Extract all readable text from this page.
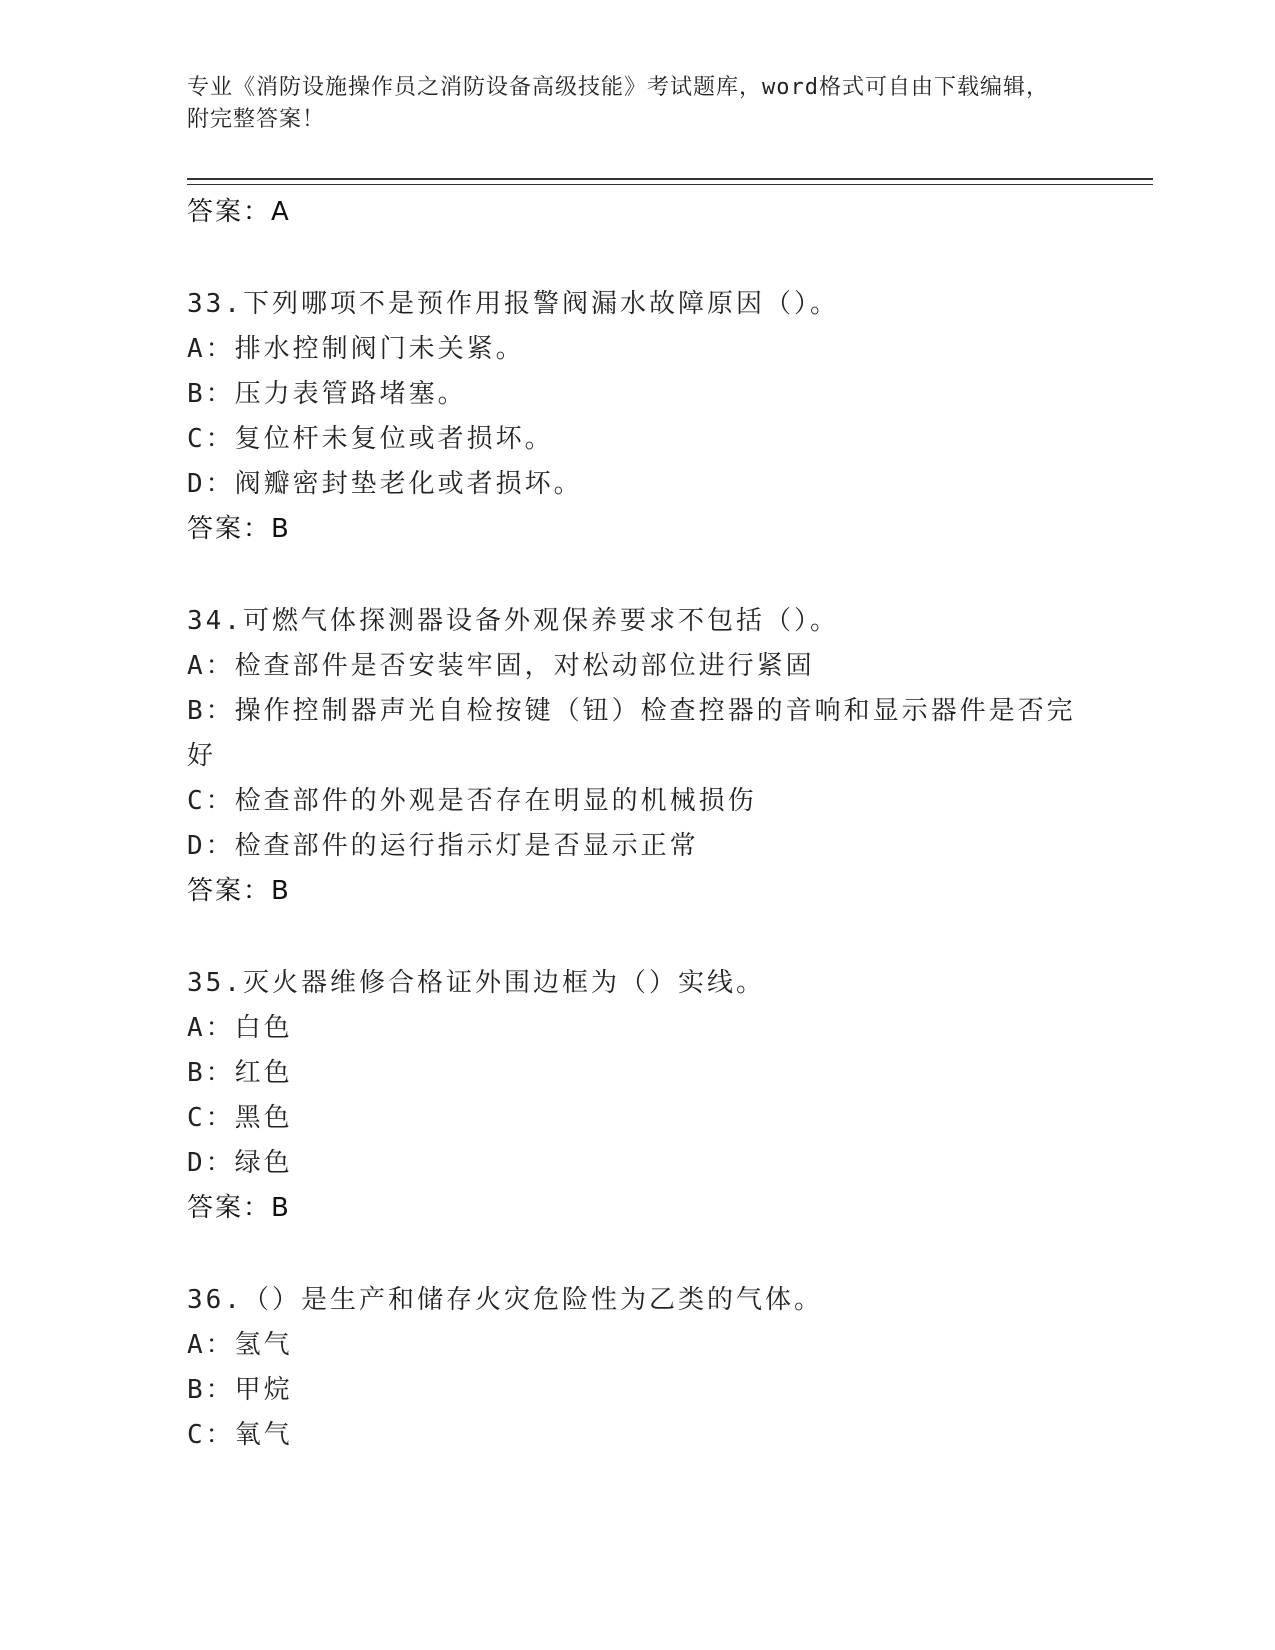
专业《消防设施操作员之消防设备高级技能》考试题库，word格式可自由下载编辑，附完整答案！
答案：A
33.下列哪项不是预作用报警阀漏水故障原因（）。
A： 排水控制阀门未关紧。
B： 压力表管路堵塞。
C： 复位杆未复位或者损坏。
D： 阀瓣密封垫老化或者损坏。
答案：B
34.可燃气体探测器设备外观保养要求不包括（）。
A： 检查部件是否安装牢固，对松动部位进行紧固
B：操作控制器声光自检按键（钮）检查控器的音响和显示器件是否完好
C： 检查部件的外观是否存在明显的机械损伤
D： 检查部件的运行指示灯是否显示正常
答案：B
35.灭火器维修合格证外围边框为（）实线。
A： 白色
B： 红色
C： 黑色
D： 绿色
答案：B
36.（）是生产和储存火灾危险性为乙类的气体。
A： 氢气
B： 甲烷
C： 氧气
